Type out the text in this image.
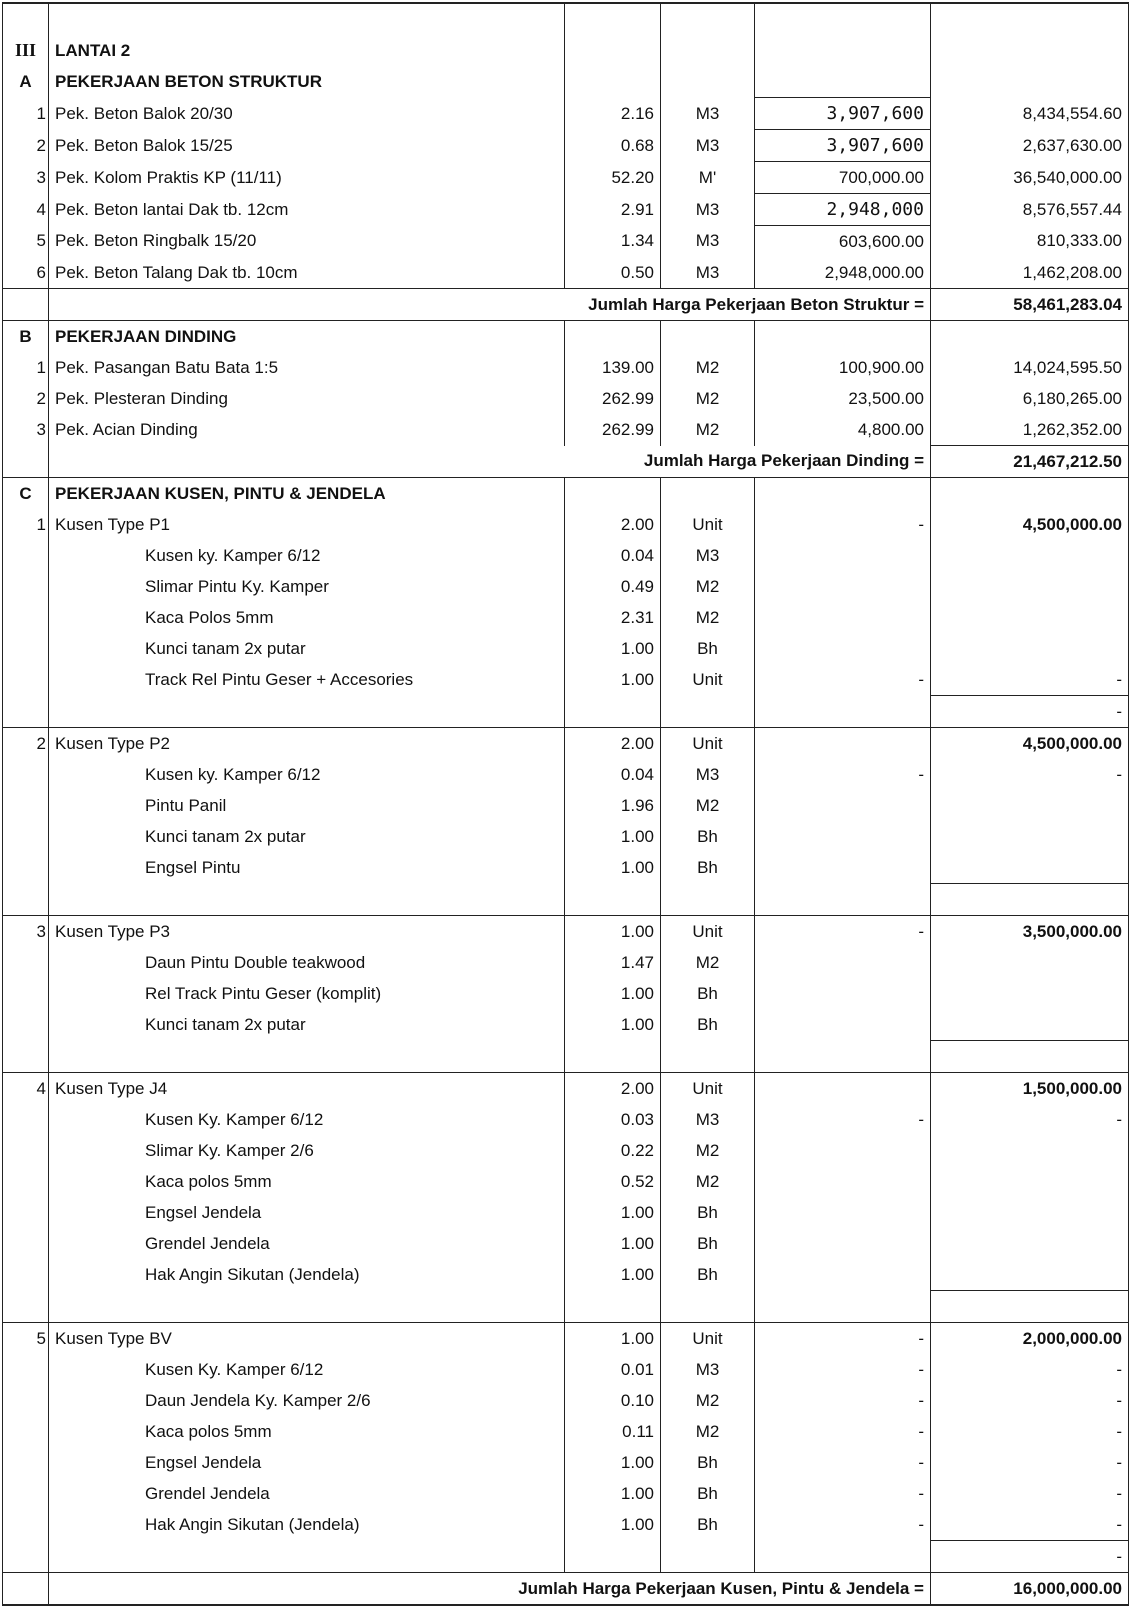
III	LANTAI 2				
A	PEKERJAAN BETON STRUKTUR				
1	Pek. Beton Balok 20/30	2.16	M3	3,907,600	8,434,554.60
2	Pek. Beton Balok 15/25	0.68	M3	3,907,600	2,637,630.00
3	Pek. Kolom Praktis KP (11/11)	52.20	M'	700,000.00	36,540,000.00
4	Pek. Beton lantai Dak tb. 12cm	2.91	M3	2,948,000	8,576,557.44
5	Pek. Beton Ringbalk 15/20	1.34	M3	603,600.00	810,333.00
6	Pek. Beton Talang Dak tb. 10cm	0.50	M3	2,948,000.00	1,462,208.00
	Jumlah Harga Pekerjaan Beton Struktur =				58,461,283.04
B	PEKERJAAN DINDING				
1	Pek. Pasangan Batu Bata 1:5	139.00	M2	100,900.00	14,024,595.50
2	Pek. Plesteran Dinding	262.99	M2	23,500.00	6,180,265.00
3	Pek. Acian Dinding	262.99	M2	4,800.00	1,262,352.00
	Jumlah Harga Pekerjaan Dinding =				21,467,212.50
C	PEKERJAAN KUSEN, PINTU & JENDELA				
1	Kusen Type P1	2.00	Unit	-	4,500,000.00
	Kusen ky. Kamper 6/12	0.04	M3		
	Slimar Pintu Ky. Kamper	0.49	M2		
	Kaca Polos 5mm	2.31	M2		
	Kunci tanam 2x putar	1.00	Bh		
	Track Rel Pintu Geser + Accesories	1.00	Unit	-	-
					-
2	Kusen Type P2	2.00	Unit		4,500,000.00
	Kusen ky. Kamper 6/12	0.04	M3	-	-
	Pintu Panil	1.96	M2		
	Kunci tanam 2x putar	1.00	Bh		
	Engsel Pintu	1.00	Bh		

3	Kusen Type P3	1.00	Unit	-	3,500,000.00
	Daun Pintu Double teakwood	1.47	M2		
	Rel Track Pintu Geser (komplit)	1.00	Bh		
	Kunci tanam 2x putar	1.00	Bh		

4	Kusen Type J4	2.00	Unit		1,500,000.00
	Kusen Ky. Kamper 6/12	0.03	M3	-	-
	Slimar Ky. Kamper 2/6	0.22	M2		
	Kaca polos 5mm	0.52	M2		
	Engsel Jendela	1.00	Bh		
	Grendel Jendela	1.00	Bh		
	Hak Angin Sikutan (Jendela)	1.00	Bh		

5	Kusen Type BV	1.00	Unit	-	2,000,000.00
	Kusen Ky. Kamper 6/12	0.01	M3	-	-
	Daun Jendela Ky. Kamper 2/6	0.10	M2	-	-
	Kaca polos 5mm	0.11	M2	-	-
	Engsel Jendela	1.00	Bh	-	-
	Grendel Jendela	1.00	Bh	-	-
	Hak Angin Sikutan (Jendela)	1.00	Bh	-	-
					-
	Jumlah Harga Pekerjaan Kusen, Pintu & Jendela =				16,000,000.00
